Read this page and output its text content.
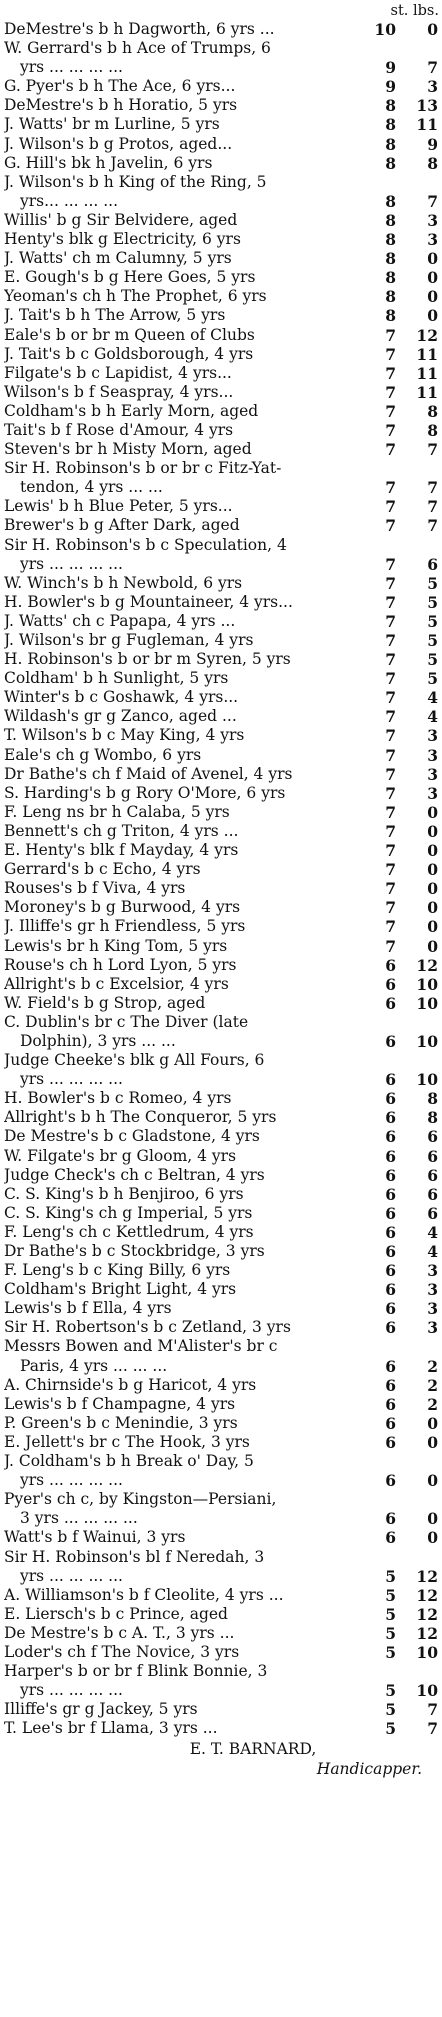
st. lbs.
DeMestre's b h Dagworth, 6 yrs ...	10	0
W. Gerrard's b h Ace of Trumps, 6
yrs ... ... ... ...	9	7
G. Pyer's b h The Ace, 6 yrs...	9	3
DeMestre's b h Horatio, 5 yrs	8	13
J. Watts' br m Lurline, 5 yrs	8	11
J. Wilson's b g Protos, aged...	8	9
G. Hill's bk h Javelin, 6 yrs	8	8
J. Wilson's b h King of the Ring, 5
yrs... ... ... ...	8	7
Willis' b g Sir Belvidere, aged	8	3
Henty's blk g Electricity, 6 yrs	8	3
J. Watts' ch m Calumny, 5 yrs	8	0
E. Gough's b g Here Goes, 5 yrs	8	0
Yeoman's ch h The Prophet, 6 yrs	8	0
J. Tait's b h The Arrow, 5 yrs	8	0
Eale's b or br m Queen of Clubs	7	12
J. Tait's b c Goldsborough, 4 yrs	7	11
Filgate's b c Lapidist, 4 yrs...	7	11
Wilson's b f Seaspray, 4 yrs...	7	11
Coldham's b h Early Morn, aged	7	8
Tait's b f Rose d'Amour, 4 yrs	7	8
Steven's br h Misty Morn, aged	7	7
Sir H. Robinson's b or br c Fitz-Yat-
tendon, 4 yrs ... ...	7	7
Lewis' b h Blue Peter, 5 yrs...	7	7
Brewer's b g After Dark, aged	7	7
Sir H. Robinson's b c Speculation, 4
yrs ... ... ... ...	7	6
W. Winch's b h Newbold, 6 yrs	7	5
H. Bowler's b g Mountaineer, 4 yrs...	7	5
J. Watts' ch c Papapa, 4 yrs ...	7	5
J. Wilson's br g Fugleman, 4 yrs	7	5
H. Robinson's b or br m Syren, 5 yrs	7	5
Coldham' b h Sunlight, 5 yrs	7	5
Winter's b c Goshawk, 4 yrs...	7	4
Wildash's gr g Zanco, aged ...	7	4
T. Wilson's b c May King, 4 yrs	7	3
Eale's ch g Wombo, 6 yrs	7	3
Dr Bathe's ch f Maid of Avenel, 4 yrs	7	3
S. Harding's b g Rory O'More, 6 yrs	7	3
F. Leng ns br h Calaba, 5 yrs	7	0
Bennett's ch g Triton, 4 yrs ...	7	0
E. Henty's blk f Mayday, 4 yrs	7	0
Gerrard's b c Echo, 4 yrs	7	0
Rouses's b f Viva, 4 yrs	7	0
Moroney's b g Burwood, 4 yrs	7	0
J. Illiffe's gr h Friendless, 5 yrs	7	0
Lewis's br h King Tom, 5 yrs	7	0
Rouse's ch h Lord Lyon, 5 yrs	6	12
Allright's b c Excelsior, 4 yrs	6	10
W. Field's b g Strop, aged	6	10
C. Dublin's br c The Diver (late
Dolphin), 3 yrs ... ...	6	10
Judge Cheeke's blk g All Fours, 6
yrs ... ... ... ...	6	10
H. Bowler's b c Romeo, 4 yrs	6	8
Allright's b h The Conqueror, 5 yrs	6	8
De Mestre's b c Gladstone, 4 yrs	6	6
W. Filgate's br g Gloom, 4 yrs	6	6
Judge Check's ch c Beltran, 4 yrs	6	6
C. S. King's b h Benjiroo, 6 yrs	6	6
C. S. King's ch g Imperial, 5 yrs	6	6
F. Leng's ch c Kettledrum, 4 yrs	6	4
Dr Bathe's b c Stockbridge, 3 yrs	6	4
F. Leng's b c King Billy, 6 yrs	6	3
Coldham's Bright Light, 4 yrs	6	3
Lewis's b f Ella, 4 yrs	6	3
Sir H. Robertson's b c Zetland, 3 yrs	6	3
Messrs Bowen and M'Alister's br c
Paris, 4 yrs ... ... ...	6	2
A. Chirnside's b g Haricot, 4 yrs	6	2
Lewis's b f Champagne, 4 yrs	6	2
P. Green's b c Menindie, 3 yrs	6	0
E. Jellett's br c The Hook, 3 yrs	6	0
J. Coldham's b h Break o' Day, 5
yrs ... ... ... ...	6	0
Pyer's ch c, by Kingston—Persiani,
3 yrs ... ... ... ...	6	0
Watt's b f Wainui, 3 yrs	6	0
Sir H. Robinson's bl f Neredah, 3
yrs ... ... ... ...	5	12
A. Williamson's b f Cleolite, 4 yrs ...	5	12
E. Liersch's b c Prince, aged	5	12
De Mestre's b c A. T., 3 yrs ...	5	12
Loder's ch f The Novice, 3 yrs	5	10
Harper's b or br f Blink Bonnie, 3
yrs ... ... ... ...	5	10
Illiffe's gr g Jackey, 5 yrs	5	7
T. Lee's br f Llama, 3 yrs ...	5	7
E. T. BARNARD,
Handicapper.
